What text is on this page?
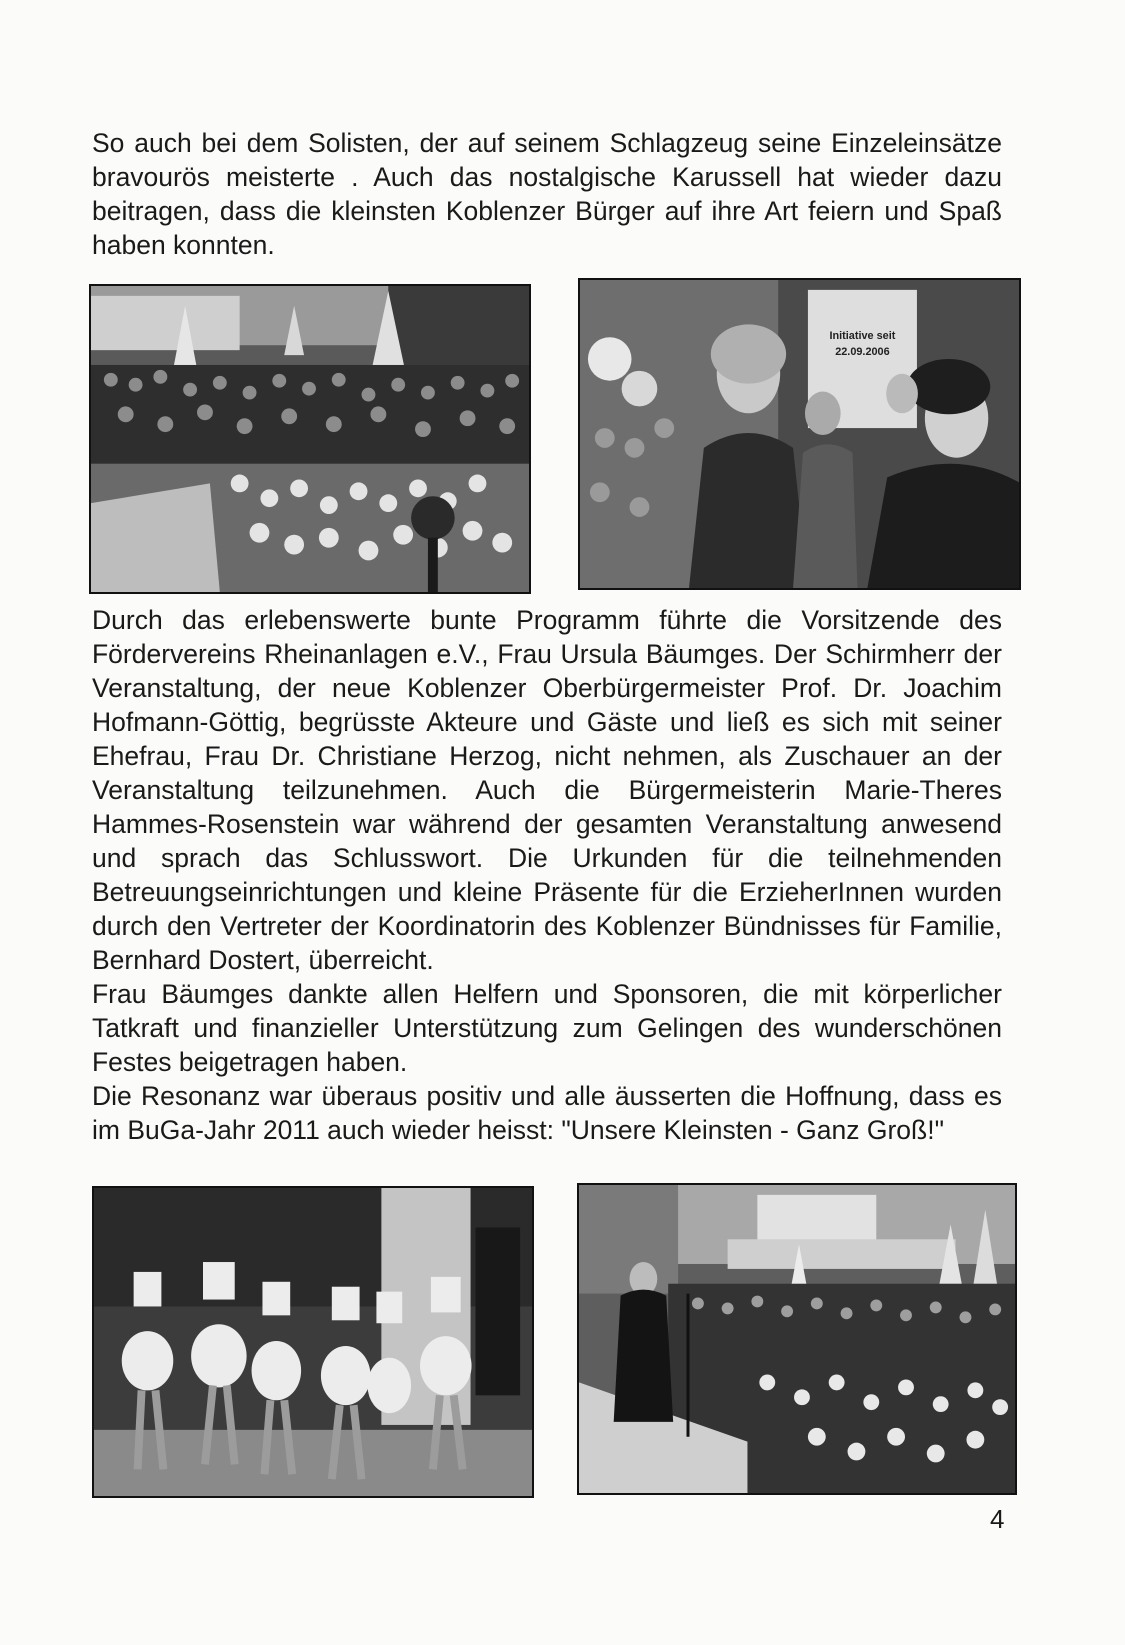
So auch bei dem Solisten, der auf seinem Schlagzeug seine Einzeleinsätze bravourös meisterte . Auch das nostalgische Karussell hat wieder dazu beitragen, dass die kleinsten Koblenzer Bürger auf ihre Art feiern und Spaß haben konnten.

Initiative seit
22.09.2006

Durch das erlebenswerte bunte Programm führte die Vorsitzende des Fördervereins Rheinanlagen e.V., Frau Ursula Bäumges. Der Schirmherr der Veranstaltung, der neue Koblenzer Oberbürgermeister Prof. Dr. Joachim Hofmann-Göttig, begrüsste Akteure und Gäste und ließ es sich mit seiner Ehefrau, Frau Dr. Christiane Herzog, nicht nehmen, als Zuschauer an der Veranstaltung teilzunehmen. Auch die Bürgermeisterin Marie-Theres Hammes-Rosenstein war während der gesamten Veranstaltung anwesend und sprach das Schlusswort. Die Urkunden für die teilnehmenden Betreuungseinrichtungen und kleine Präsente für die ErzieherInnen wurden durch den Vertreter der Koordinatorin des Koblenzer Bündnisses für Familie, Bernhard Dostert, überreicht.

Frau Bäumges dankte allen Helfern und Sponsoren, die mit körperlicher Tatkraft und finanzieller Unterstützung zum Gelingen des wunderschönen Festes beigetragen haben.

Die Resonanz war überaus positiv und alle äusserten die Hoffnung, dass es im BuGa-Jahr 2011 auch wieder heisst: "Unsere Kleinsten - Ganz Groß!"

4
